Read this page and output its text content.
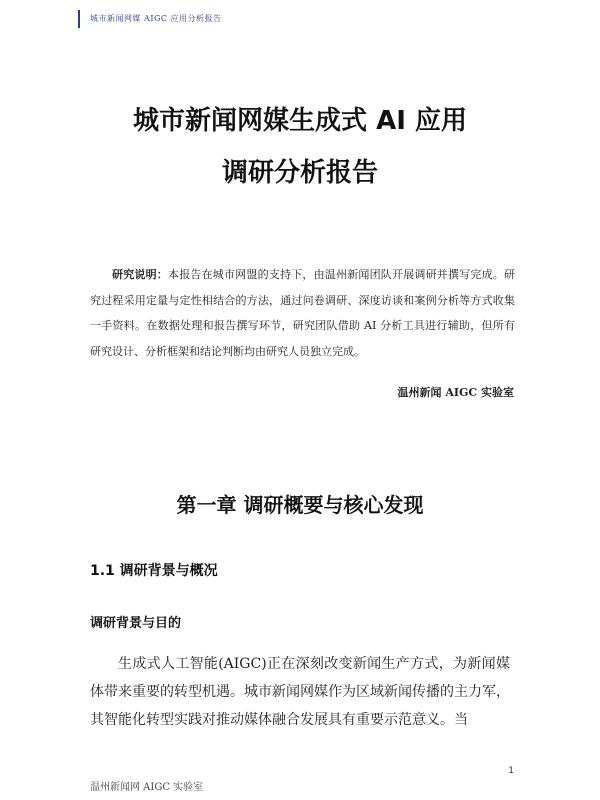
城市新闻网媒 AIGC 应用分析报告
城市新闻网媒生成式 AI 应用
调研分析报告

研究说明：本报告在城市网盟的支持下，由温州新闻团队开展调研并撰写完成。研究过程采用定量与定性相结合的方法，通过问卷调研、深度访谈和案例分析等方式收集一手资料。在数据处理和报告撰写环节，研究团队借助 AI 分析工具进行辅助，但所有研究设计、分析框架和结论判断均由研究人员独立完成。

温州新闻 AIGC 实验室
第一章 调研概要与核心发现
1.1 调研背景与概况
调研背景与目的

生成式人工智能(AIGC)正在深刻改变新闻生产方式，为新闻媒体带来重要的转型机遇。城市新闻网媒作为区域新闻传播的主力军，其智能化转型实践对推动媒体融合发展具有重要示范意义。当

1
温州新闻网 AIGC 实验室
